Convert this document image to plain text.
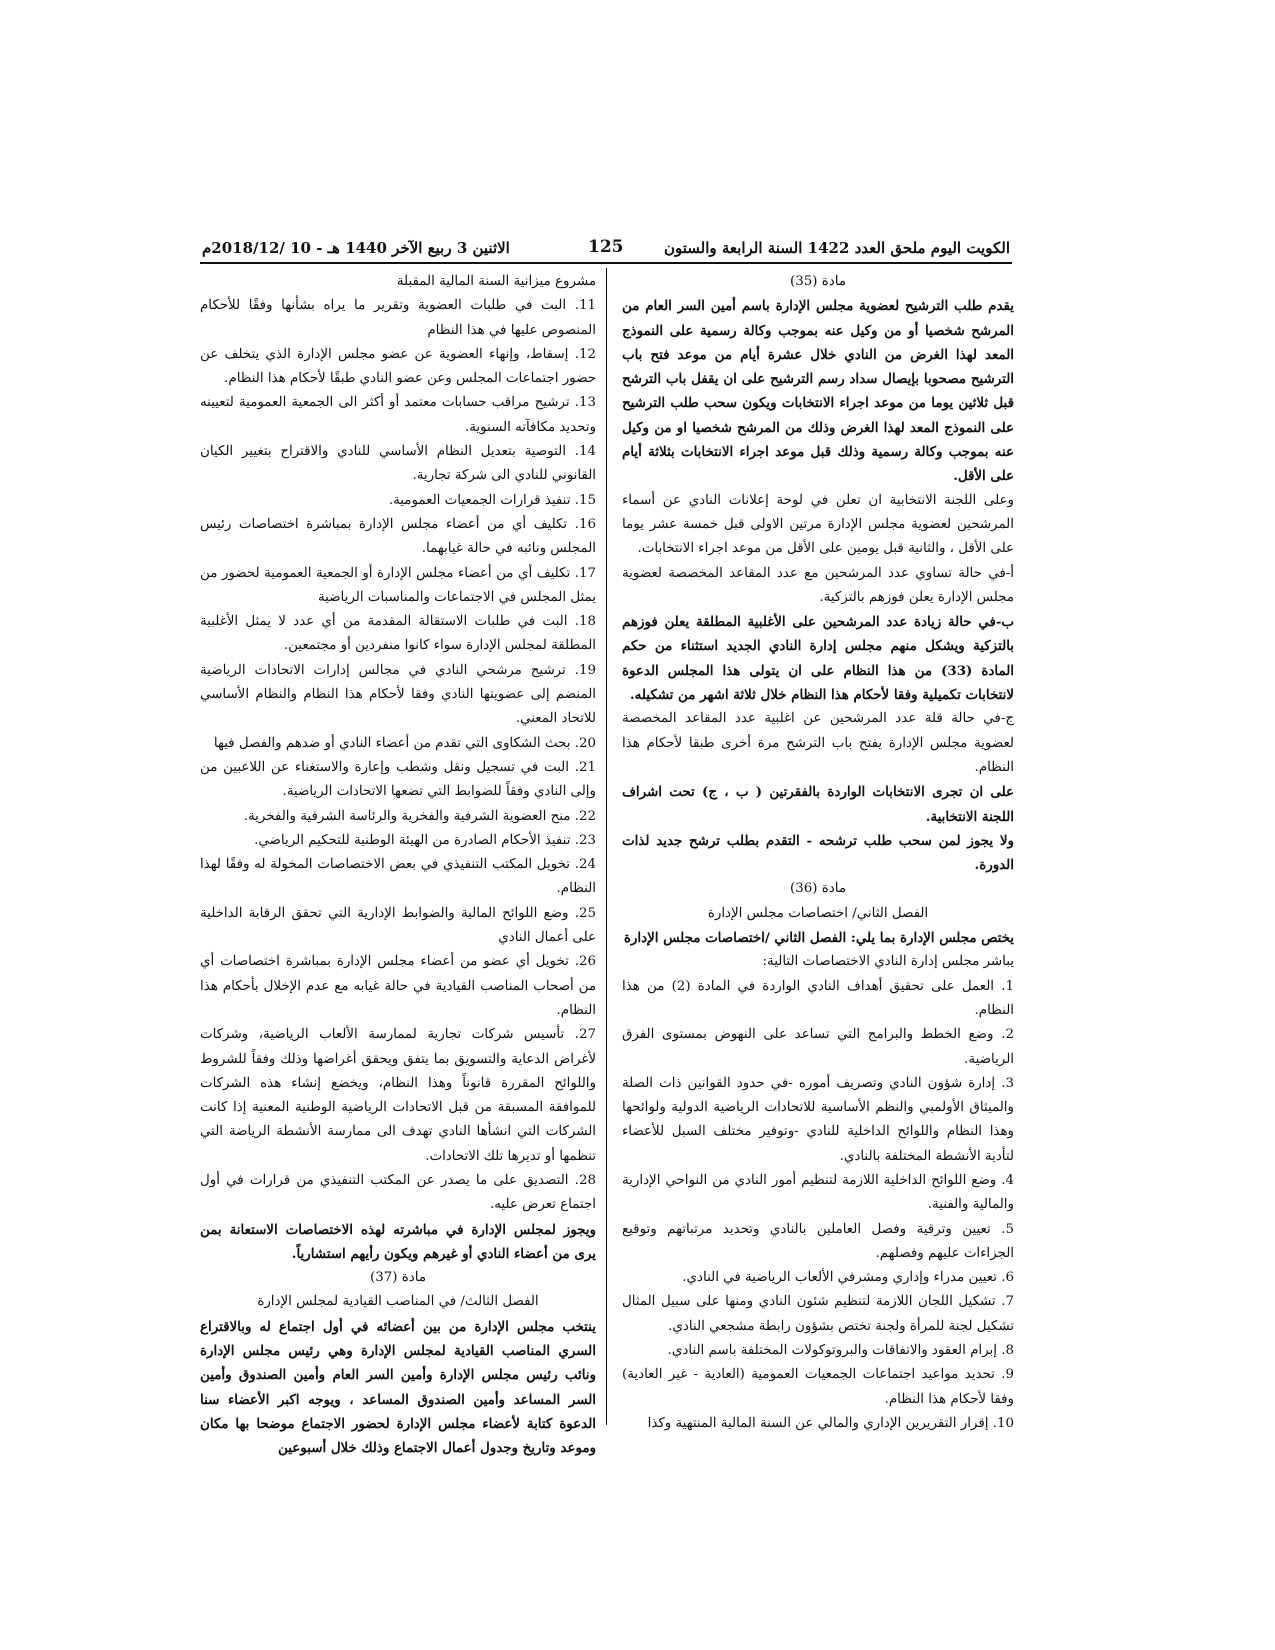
الاثنين 3 ربيع الآخر 1440 هـ - 10 /2018/12م	125	الكويت اليوم ملحق العدد 1422 السنة الرابعة والستون

مادة (35)

يقدم طلب الترشيح لعضوية مجلس الإدارة باسم أمين السر العام من المرشح شخصيا أو من وكيل عنه بموجب وكالة رسمية على النموذج المعد لهذا الغرض من النادي خلال عشرة أيام من موعد فتح باب الترشيح مصحوبا بإيصال سداد رسم الترشيح على ان يقفل باب الترشح قبل ثلاثين يوما من موعد اجراء الانتخابات ويكون سحب طلب الترشيح على النموذج المعد لهذا الغرض وذلك من المرشح شخصيا او من وكيل عنه بموجب وكالة رسمية وذلك قبل موعد اجراء الانتخابات بثلاثة أيام على الأقل.

وعلى اللجنة الانتخابية ان تعلن في لوحة إعلانات النادي عن أسماء المرشحين لعضوية مجلس الإدارة مرتين الاولى قبل خمسة عشر يوما على الأقل ، والثانية قبل يومين على الأقل من موعد اجراء الانتخابات.

أ-في حالة تساوي عدد المرشحين مع عدد المقاعد المخصصة لعضوية مجلس الإدارة يعلن فوزهم بالتزكية.

ب-في حالة زيادة عدد المرشحين على الأغلبية المطلقة يعلن فوزهم بالتزكية ويشكل منهم مجلس إدارة النادي الجديد استثناء من حكم المادة (33) من هذا النظام على ان يتولى هذا المجلس الدعوة لانتخابات تكميلية وفقا لأحكام هذا النظام خلال ثلاثة اشهر من تشكيله.

ج-في حالة قلة عدد المرشحين عن اغلبية عدد المقاعد المخصصة لعضوية مجلس الإدارة يفتح باب الترشح مرة أخرى طبقا لأحكام هذا النظام.

على ان تجرى الانتخابات الواردة بالفقرتين ( ب ، ج) تحت اشراف اللجنة الانتخابية.

ولا يجوز لمن سحب طلب ترشحه - التقدم بطلب ترشح جديد لذات الدورة.

مادة (36)

الفصل الثاني/ اختصاصات مجلس الإدارة

يختص مجلس الإدارة بما يلي: الفصل الثاني /اختصاصات مجلس الإدارة

يباشر مجلس إدارة النادي الاختصاصات التالية:

1. العمل على تحقيق أهداف النادي الواردة في المادة (2) من هذا النظام.

2. وضع الخطط والبرامج التي تساعد على النهوض بمستوى الفرق الرياضية.

3. إدارة شؤون النادي وتصريف أموره -في حدود القوانين ذات الصلة والميثاق الأولمبي والنظم الأساسية للاتحادات الرياضية الدولية ولوائحها وهذا النظام واللوائح الداخلية للنادي -وتوفير مختلف السبل للأعضاء لتأدية الأنشطة المختلفة بالنادي.

4. وضع اللوائح الداخلية اللازمة لتنظيم أمور النادي من النواحي الإدارية والمالية والفنية.

5. تعيين وترقية وفصل العاملين بالنادي وتحديد مرتباتهم وتوقيع الجزاءات عليهم وفصلهم.

6. تعيين مدراء وإداري ومشرفي الألعاب الرياضية في النادي.

7. تشكيل اللجان اللازمة لتنظيم شئون النادي ومنها على سبيل المثال تشكيل لجنة للمرأة ولجنة تختص بشؤون رابطة مشجعي النادي.

8. إبرام العقود والاتفاقات والبروتوكولات المختلفة باسم النادي.

9. تحديد مواعيد اجتماعات الجمعيات العمومية (العادية - غير العادية) وفقا لأحكام هذا النظام.

10. إقرار التقريرين الإداري والمالي عن السنة المالية المنتهية وكذا

مشروع ميزانية السنة المالية المقبلة

11. البت في طلبات العضوية وتقرير ما يراه بشأنها وفقًا للأحكام المنصوص عليها في هذا النظام

12. إسقاط، وإنهاء العضوية عن عضو مجلس الإدارة الذي يتخلف عن حضور اجتماعات المجلس وعن عضو النادي طبقًا لأحكام هذا النظام.

13. ترشيح مراقب حسابات معتمد أو أكثر الى الجمعية العمومية لتعيينه وتحديد مكافآته السنوية.

14. التوصية بتعديل النظام الأساسي للنادي والاقتراح بتغيير الكيان القانوني للنادي الى شركة تجارية.

15. تنفيذ قرارات الجمعيات العمومية.

16. تكليف أي من أعضاء مجلس الإدارة بمباشرة اختصاصات رئيس المجلس ونائبه في حالة غيابهما.

17. تكليف أي من أعضاء مجلس الإدارة أو الجمعية العمومية لحضور من يمثل المجلس في الاجتماعات والمناسبات الرياضية

18. البت في طلبات الاستقالة المقدمة من أي عدد لا يمثل الأغلبية المطلقة لمجلس الإدارة سواء كانوا منفردين أو مجتمعين.

19. ترشيح مرشحي النادي في مجالس إدارات الاتحادات الرياضية المنضم إلى عضويتها النادي وفقا لأحكام هذا النظام والنظام الأساسي للاتحاد المعني.

20. بحث الشكاوى التي تقدم من أعضاء النادي أو ضدهم والفصل فيها

21. البت في تسجيل ونقل وشطب وإعارة والاستغناء عن اللاعبين من وإلى النادي وفقاً للضوابط التي تضعها الاتحادات الرياضية.

22. منح العضوية الشرفية والفخرية والرئاسة الشرفية والفخرية.

23. تنفيذ الأحكام الصادرة من الهيئة الوطنية للتحكيم الرياضي.

24. تخويل المكتب التنفيذي في بعض الاختصاصات المخولة له وفقًا لهذا النظام.

25. وضع اللوائح المالية والضوابط الإدارية التي تحقق الرقابة الداخلية على أعمال النادي

26. تخويل أي عضو من أعضاء مجلس الإدارة بمباشرة اختصاصات أي من أصحاب المناصب القيادية في حالة غيابه مع عدم الإخلال بأحكام هذا النظام.

27. تأسيس شركات تجارية لممارسة الألعاب الرياضية، وشركات لأغراض الدعاية والتسويق بما يتفق ويحقق أغراضها وذلك وفقاً للشروط واللوائح المقررة قانوناً وهذا النظام، ويخضع إنشاء هذه الشركات للموافقة المسبقة من قبل الاتحادات الرياضية الوطنية المعنية إذا كانت الشركات التي انشأها النادي تهدف الى ممارسة الأنشطة الرياضة التي تنظمها أو تديرها تلك الاتحادات.

28. التصديق على ما يصدر عن المكتب التنفيذي من قرارات في أول اجتماع تعرض عليه.

ويجوز لمجلس الإدارة في مباشرته لهذه الاختصاصات الاستعانة بمن يرى من أعضاء النادي أو غيرهم ويكون رأيهم استشارياً.

مادة (37)

الفصل الثالث/ في المناصب القيادية لمجلس الإدارة

ينتخب مجلس الإدارة من بين أعضائه في أول اجتماع له وبالاقتراع السري المناصب القيادية لمجلس الإدارة وهي رئيس مجلس الإدارة ونائب رئيس مجلس الإدارة وأمين السر العام وأمين الصندوق وأمين السر المساعد وأمين الصندوق المساعد ، ويوجه اكبر الأعضاء سنا الدعوة كتابة لأعضاء مجلس الإدارة لحضور الاجتماع موضحا بها مكان وموعد وتاريخ وجدول أعمال الاجتماع وذلك خلال أسبوعين
